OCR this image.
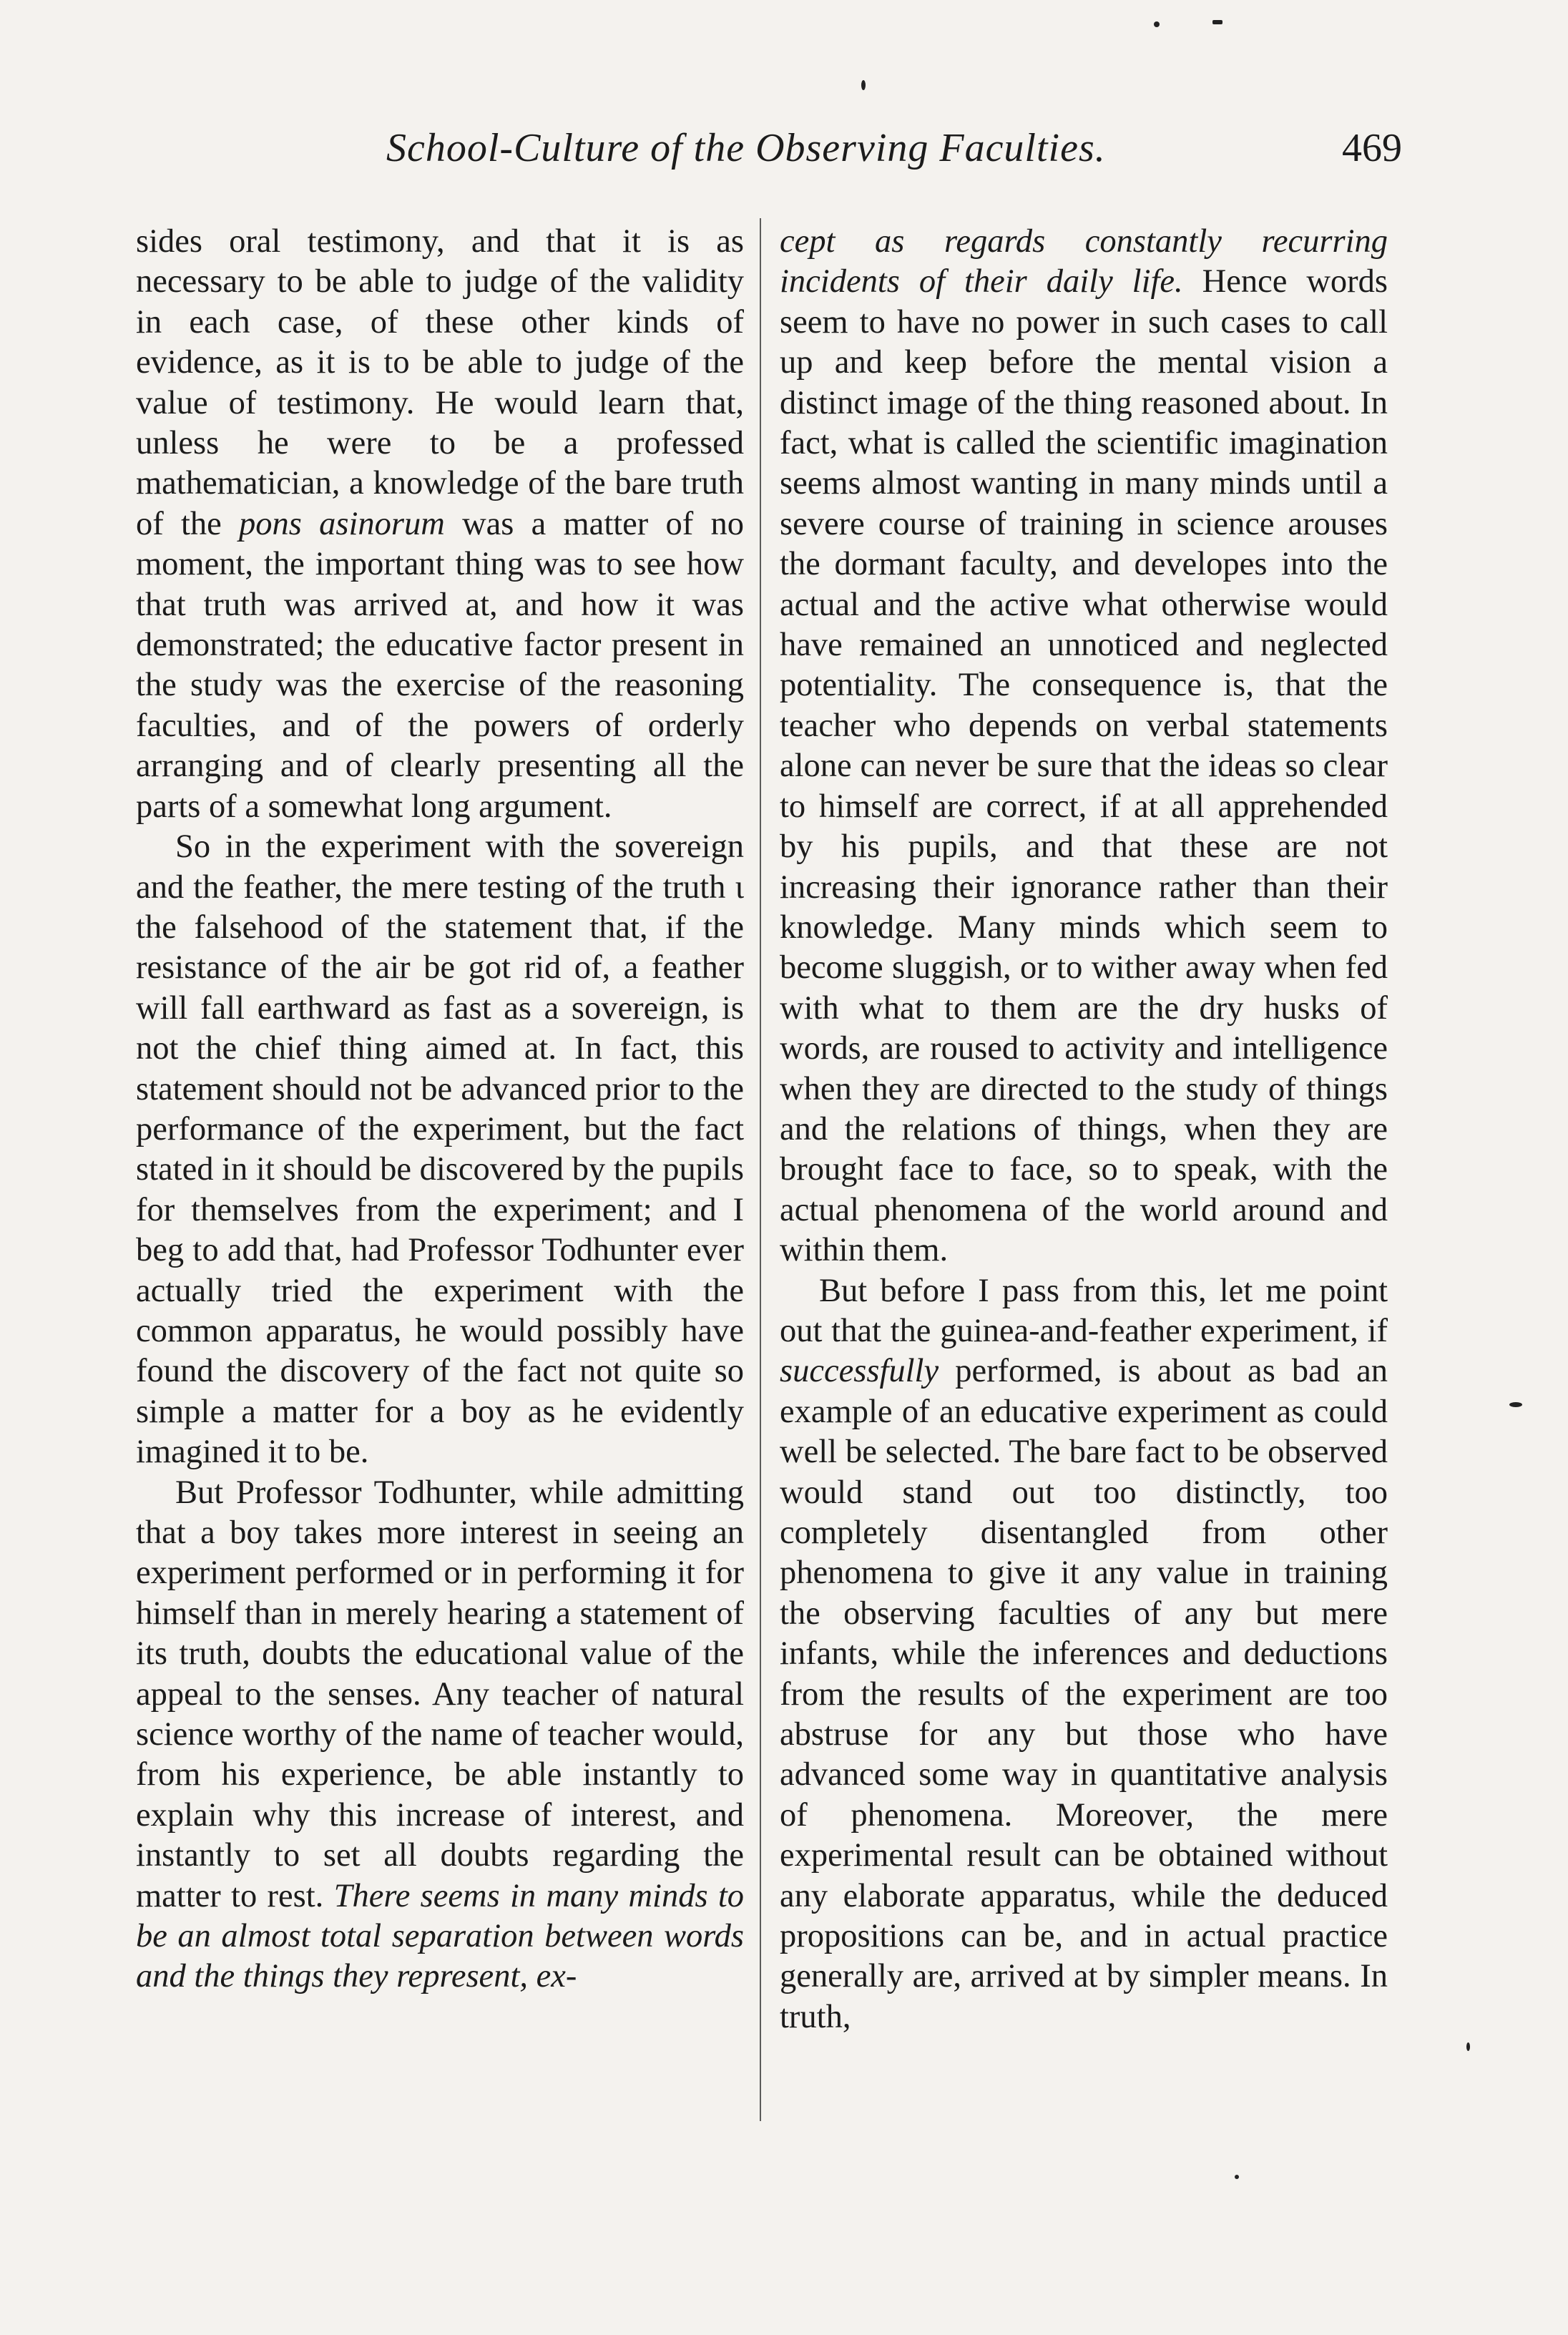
School-Culture of the Observing Faculties.	469

sides oral testimony, and that it is as necessary to be able to judge of the validity in each case, of these other kinds of evidence, as it is to be able to judge of the value of testimony. He would learn that, unless he were to be a professed mathematician, a knowledge of the bare truth of the pons asinorum was a matter of no moment, the important thing was to see how that truth was arrived at, and how it was demonstrated; the educative factor present in the study was the exercise of the reasoning faculties, and of the powers of orderly arranging and of clearly presenting all the parts of a somewhat long argument.

So in the experiment with the sovereign and the feather, the mere testing of the truth ι the falsehood of the statement that, if the resistance of the air be got rid of, a feather will fall earthward as fast as a sovereign, is not the chief thing aimed at. In fact, this statement should not be advanced prior to the performance of the experiment, but the fact stated in it should be discovered by the pupils for themselves from the experiment; and I beg to add that, had Professor Todhunter ever actually tried the experiment with the common apparatus, he would possibly have found the discovery of the fact not quite so simple a matter for a boy as he evidently imagined it to be.

But Professor Todhunter, while admitting that a boy takes more interest in seeing an experiment performed or in performing it for himself than in merely hearing a statement of its truth, doubts the educational value of the appeal to the senses. Any teacher of natural science worthy of the name of teacher would, from his experience, be able instantly to explain why this increase of interest, and instantly to set all doubts regarding the matter to rest. There seems in many minds to be an almost total separation between words and the things they represent, ex-

cept as regards constantly recurring incidents of their daily life. Hence words seem to have no power in such cases to call up and keep before the mental vision a distinct image of the thing reasoned about. In fact, what is called the scientific imagination seems almost wanting in many minds until a severe course of training in science arouses the dormant faculty, and developes into the actual and the active what otherwise would have remained an unnoticed and neglected potentiality. The consequence is, that the teacher who depends on verbal statements alone can never be sure that the ideas so clear to himself are correct, if at all apprehended by his pupils, and that these are not increasing their ignorance rather than their knowledge. Many minds which seem to become sluggish, or to wither away when fed with what to them are the dry husks of words, are roused to activity and intelligence when they are directed to the study of things and the relations of things, when they are brought face to face, so to speak, with the actual phenomena of the world around and within them.

But before I pass from this, let me point out that the guinea-and-feather experiment, if successfully performed, is about as bad an example of an educative experiment as could well be selected. The bare fact to be observed would stand out too distinctly, too completely disentangled from other phenomena to give it any value in training the observing faculties of any but mere infants, while the inferences and deductions from the results of the experiment are too abstruse for any but those who have advanced some way in quantitative analysis of phenomena. Moreover, the mere experimental result can be obtained without any elaborate apparatus, while the deduced propositions can be, and in actual practice generally are, arrived at by simpler means. In truth,
